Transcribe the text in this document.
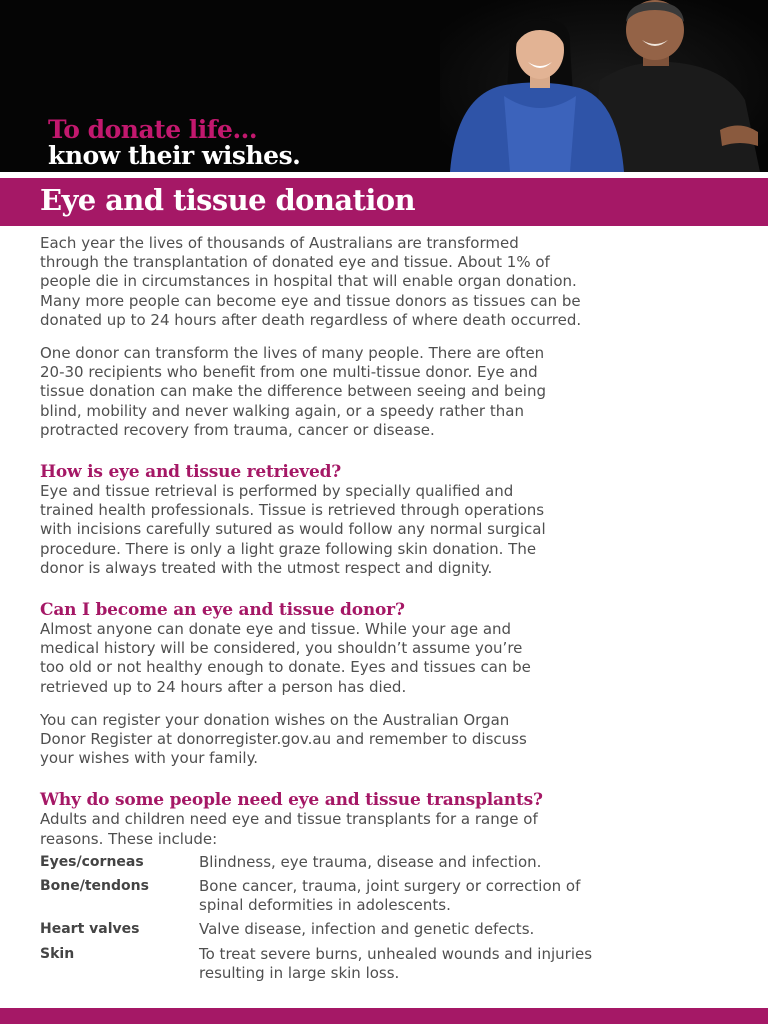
To donate life...
know their wishes.
Eye and tissue donation

Each year the lives of thousands of Australians are transformed
through the transplantation of donated eye and tissue. About 1% of
people die in circumstances in hospital that will enable organ donation.
Many more people can become eye and tissue donors as tissues can be
donated up to 24 hours after death regardless of where death occurred.

One donor can transform the lives of many people. There are often
20-30 recipients who benefit from one multi-tissue donor. Eye and
tissue donation can make the difference between seeing and being
blind, mobility and never walking again, or a speedy rather than
protracted recovery from trauma, cancer or disease.

How is eye and tissue retrieved?

Eye and tissue retrieval is performed by specially qualified and
trained health professionals. Tissue is retrieved through operations
with incisions carefully sutured as would follow any normal surgical
procedure. There is only a light graze following skin donation. The
donor is always treated with the utmost respect and dignity.

Can I become an eye and tissue donor?

Almost anyone can donate eye and tissue. While your age and
medical history will be considered, you shouldn’t assume you’re
too old or not healthy enough to donate. Eyes and tissues can be
retrieved up to 24 hours after a person has died.

You can register your donation wishes on the Australian Organ
Donor Register at donorregister.gov.au and remember to discuss
your wishes with your family.

Why do some people need eye and tissue transplants?

Adults and children need eye and tissue transplants for a range of
reasons. These include:

Eyes/corneas	Blindness, eye trauma, disease and infection.
Bone/tendons	Bone cancer, trauma, joint surgery or correction of
spinal deformities in adolescents.
Heart valves	Valve disease, infection and genetic defects.
Skin	To treat severe burns, unhealed wounds and injuries
resulting in large skin loss.
